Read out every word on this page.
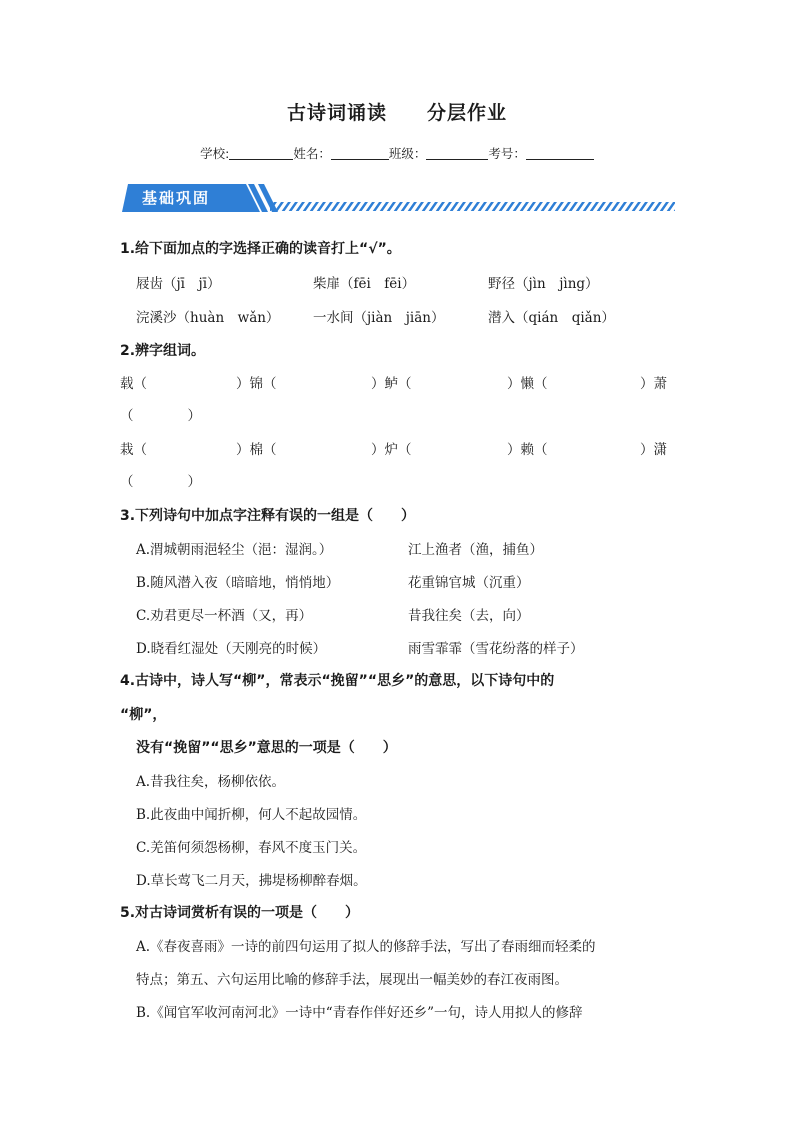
古诗词诵读 分层作业
学校:	姓名：	班级：	考号：
基础巩固
1.给下面加点的字选择正确的读音打上“√”。
屐齿（jī　jī）	柴扉（fēi　fēi）	野径（jìn　jìng）
浣溪沙（huàn　wǎn） 一水间（jiàn　jiān）	潜入（qián　qiǎn）
2.辨字组词。
载（	）锦（	）鲈（	）懒（	）萧
（　　　　）
栽（	）棉（	）炉（	）赖（	）潇
（　　　　）
3.下列诗句中加点字注释有误的一组是（　　）
A.渭城朝雨浥轻尘（浥：湿润。）	江上渔者（渔，捕鱼）
B.随风潜入夜（暗暗地，悄悄地）	花重锦官城（沉重）
C.劝君更尽一杯酒（又，再）	昔我往矣（去，向）
D.晓看红湿处（天刚亮的时候）	雨雪霏霏（雪花纷落的样子）
4.古诗中，诗人写“柳”，常表示“挽留”“思乡”的意思，以下诗句中的
“柳”，
没有“挽留”“思乡”意思的一项是（　　）
A.昔我往矣，杨柳依依。
B.此夜曲中闻折柳，何人不起故园情。
C.羌笛何须怨杨柳，春风不度玉门关。
D.草长莺飞二月天，拂堤杨柳醉春烟。
5.对古诗词赏析有误的一项是（　　）
A.《春夜喜雨》一诗的前四句运用了拟人的修辞手法，写出了春雨细而轻柔的
特点；第五、六句运用比喻的修辞手法，展现出一幅美妙的春江夜雨图。
B.《闻官军收河南河北》一诗中“青春作伴好还乡”一句，诗人用拟人的修辞
